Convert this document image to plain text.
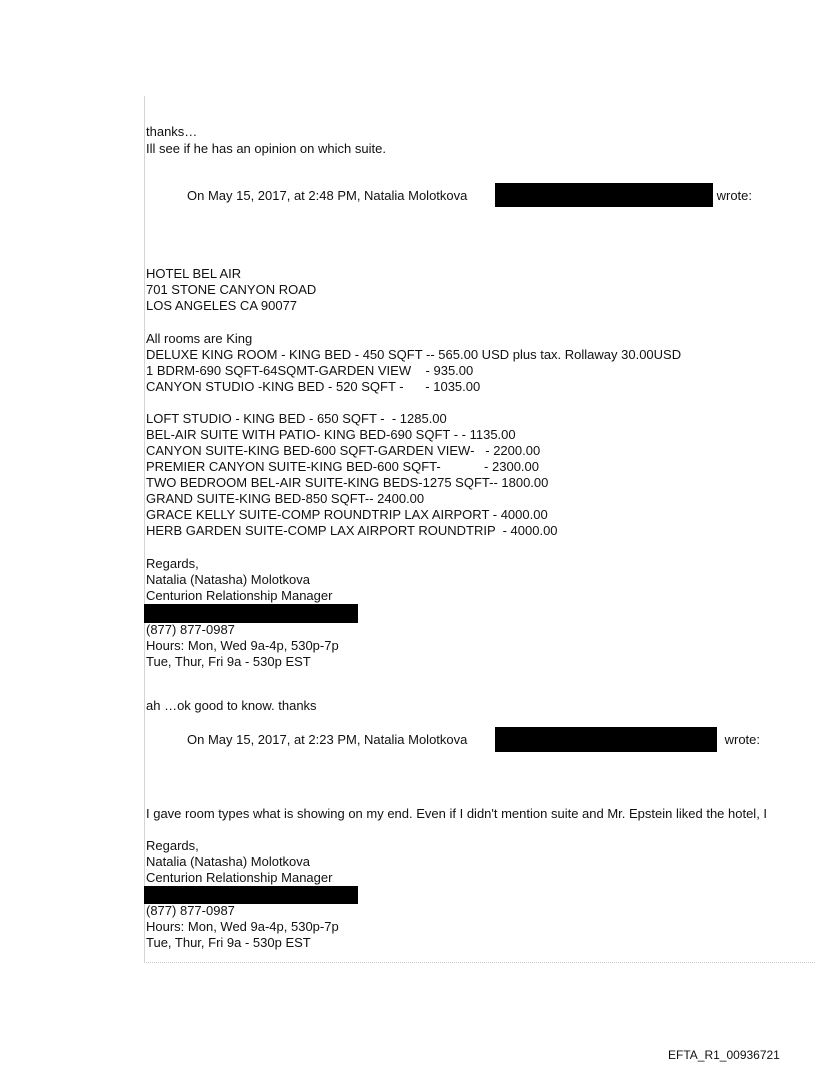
thanks…
Ill see if he has an opinion on which suite.
On May 15, 2017, at 2:48 PM, Natalia Molotkova	wrote:
HOTEL BEL AIR
701 STONE CANYON ROAD
LOS ANGELES CA 90077
All rooms are King
DELUXE KING ROOM - KING BED - 450 SQFT -- 565.00 USD plus tax. Rollaway 30.00USD
1 BDRM-690 SQFT-64SQMT-GARDEN VIEW    - 935.00
CANYON STUDIO -KING BED - 520 SQFT -      - 1035.00
LOFT STUDIO - KING BED - 650 SQFT -  - 1285.00
BEL-AIR SUITE WITH PATIO- KING BED-690 SQFT - - 1135.00
CANYON SUITE-KING BED-600 SQFT-GARDEN VIEW-   - 2200.00
PREMIER CANYON SUITE-KING BED-600 SQFT-            - 2300.00
TWO BEDROOM BEL-AIR SUITE-KING BEDS-1275 SQFT-- 1800.00
GRAND SUITE-KING BED-850 SQFT-- 2400.00
GRACE KELLY SUITE-COMP ROUNDTRIP LAX AIRPORT - 4000.00
HERB GARDEN SUITE-COMP LAX AIRPORT ROUNDTRIP  - 4000.00
Regards,
Natalia (Natasha) Molotkova
Centurion Relationship Manager
(877) 877-0987
Hours: Mon, Wed 9a-4p, 530p-7p
Tue, Thur, Fri 9a - 530p EST
ah …ok good to know. thanks
On May 15, 2017, at 2:23 PM, Natalia Molotkova	wrote:
I gave room types what is showing on my end. Even if I didn't mention suite and Mr. Epstein liked the hotel, I
Regards,
Natalia (Natasha) Molotkova
Centurion Relationship Manager
(877) 877-0987
Hours: Mon, Wed 9a-4p, 530p-7p
Tue, Thur, Fri 9a - 530p EST
EFTA_R1_00936721
